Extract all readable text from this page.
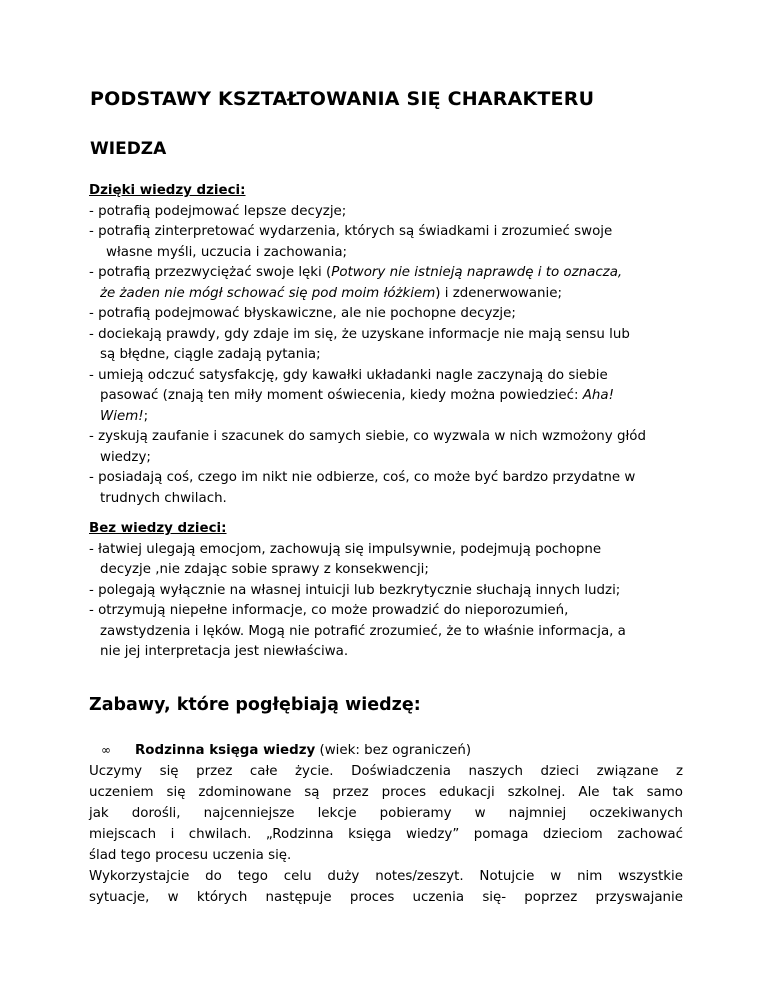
PODSTAWY KSZTAŁTOWANIA SIĘ CHARAKTERU
WIEDZA
Dzięki wiedzy dzieci:
- potrafią podejmować lepsze decyzje;
- potrafią zinterpretować wydarzenia, których są świadkami i zrozumieć swoje
własne myśli, uczucia i zachowania;
- potrafią przezwyciężać swoje lęki (Potwory nie istnieją naprawdę i to oznacza,
że żaden nie mógł schować się pod moim łóżkiem) i zdenerwowanie;
- potrafią podejmować błyskawiczne, ale nie pochopne decyzje;
- dociekają prawdy, gdy zdaje im się, że uzyskane informacje nie mają sensu lub
są błędne, ciągle zadają pytania;
- umieją odczuć satysfakcję, gdy kawałki układanki nagle zaczynają do siebie
pasować (znają ten miły moment oświecenia, kiedy można powiedzieć: Aha!
Wiem!;
- zyskują zaufanie i szacunek do samych siebie, co wyzwala w nich wzmożony głód
wiedzy;
- posiadają coś, czego im nikt nie odbierze, coś, co może być bardzo przydatne w
trudnych chwilach.
Bez wiedzy dzieci:
- łatwiej ulegają emocjom, zachowują się impulsywnie, podejmują pochopne
decyzje ,nie zdając sobie sprawy z konsekwencji;
- polegają wyłącznie na własnej intuicji lub bezkrytycznie słuchają innych ludzi;
- otrzymują niepełne informacje, co może prowadzić do nieporozumień,
zawstydzenia i lęków. Mogą nie potrafić zrozumieć, że to właśnie informacja, a
nie jej interpretacja jest niewłaściwa.
Zabawy, które pogłębiają wiedzę:
∞ Rodzinna księga wiedzy (wiek: bez ograniczeń)
Uczymy się przez całe życie. Doświadczenia naszych dzieci związane z
uczeniem się zdominowane są przez proces edukacji szkolnej. Ale tak samo
jak dorośli, najcenniejsze lekcje pobieramy w najmniej oczekiwanych
miejscach i chwilach. „Rodzinna księga wiedzy” pomaga dzieciom zachować
ślad tego procesu uczenia się.
Wykorzystajcie do tego celu duży notes/zeszyt. Notujcie w nim wszystkie
sytuacje, w których następuje proces uczenia się- poprzez przyswajanie
